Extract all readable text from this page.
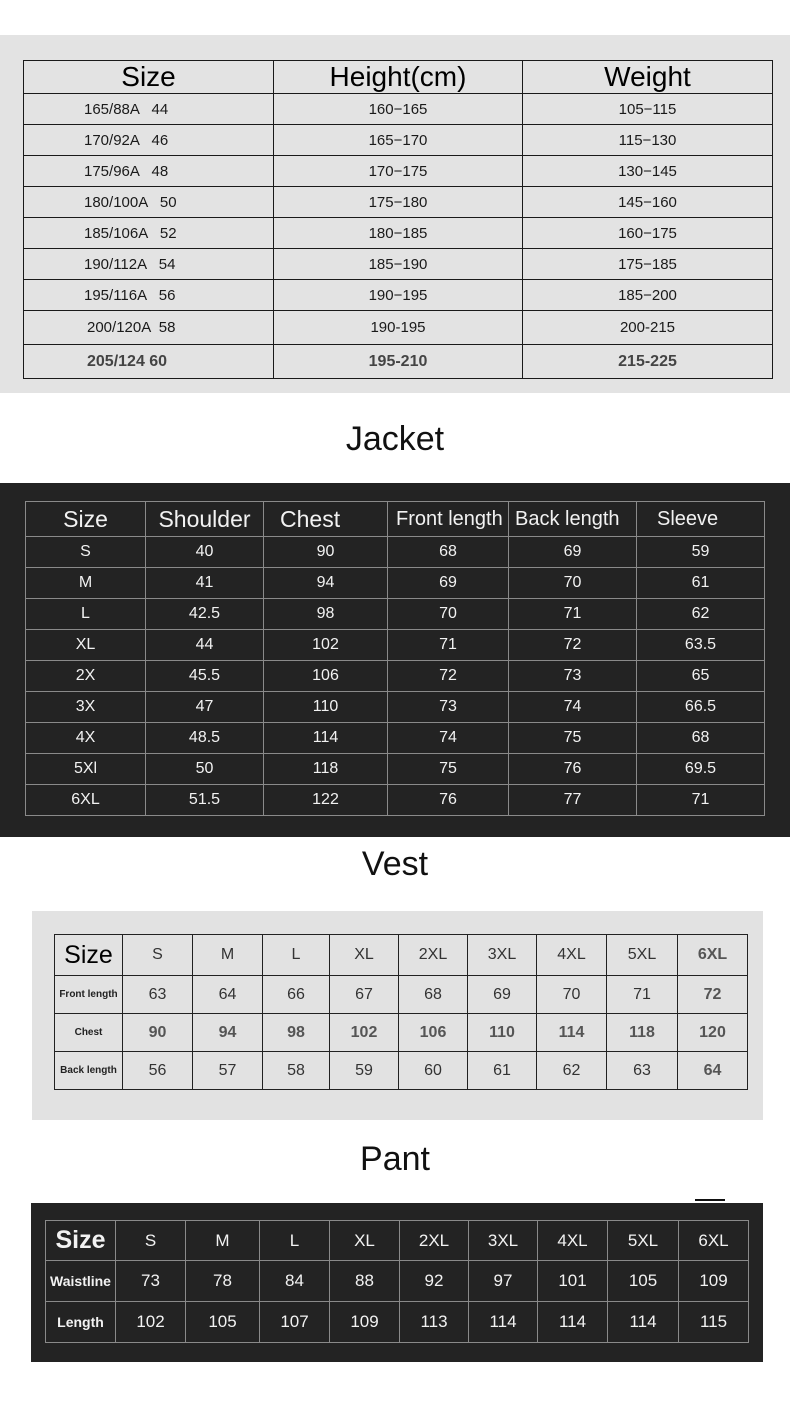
Size	Height(cm)	Weight
165/88A   44	160−165	105−115
170/92A   46	165−170	115−130
175/96A   48	170−175	130−145
180/100A   50	175−180	145−160
185/106A   52	180−185	160−175
190/112A   54	185−190	175−185
195/116A   56	190−195	185−200
200/120A  58	190-195	200-215
205/124 60	195-210	215-225
Jacket
Size	Shoulder	Chest	Front length	Back length	Sleeve
S	40	90	68	69	59
M	41	94	69	70	61
L	42.5	98	70	71	62
XL	44	102	71	72	63.5
2X	45.5	106	72	73	65
3X	47	110	73	74	66.5
4X	48.5	114	74	75	68
5Xl	50	118	75	76	69.5
6XL	51.5	122	76	77	71
Vest
Size	S	M	L	XL	2XL	3XL	4XL	5XL	6XL
Front length	63	64	66	67	68	69	70	71	72
Chest	90	94	98	102	106	110	114	118	120
Back length	56	57	58	59	60	61	62	63	64
Pant
Size	S	M	L	XL	2XL	3XL	4XL	5XL	6XL
Waistline	73	78	84	88	92	97	101	105	109
Length	102	105	107	109	113	114	114	114	115
